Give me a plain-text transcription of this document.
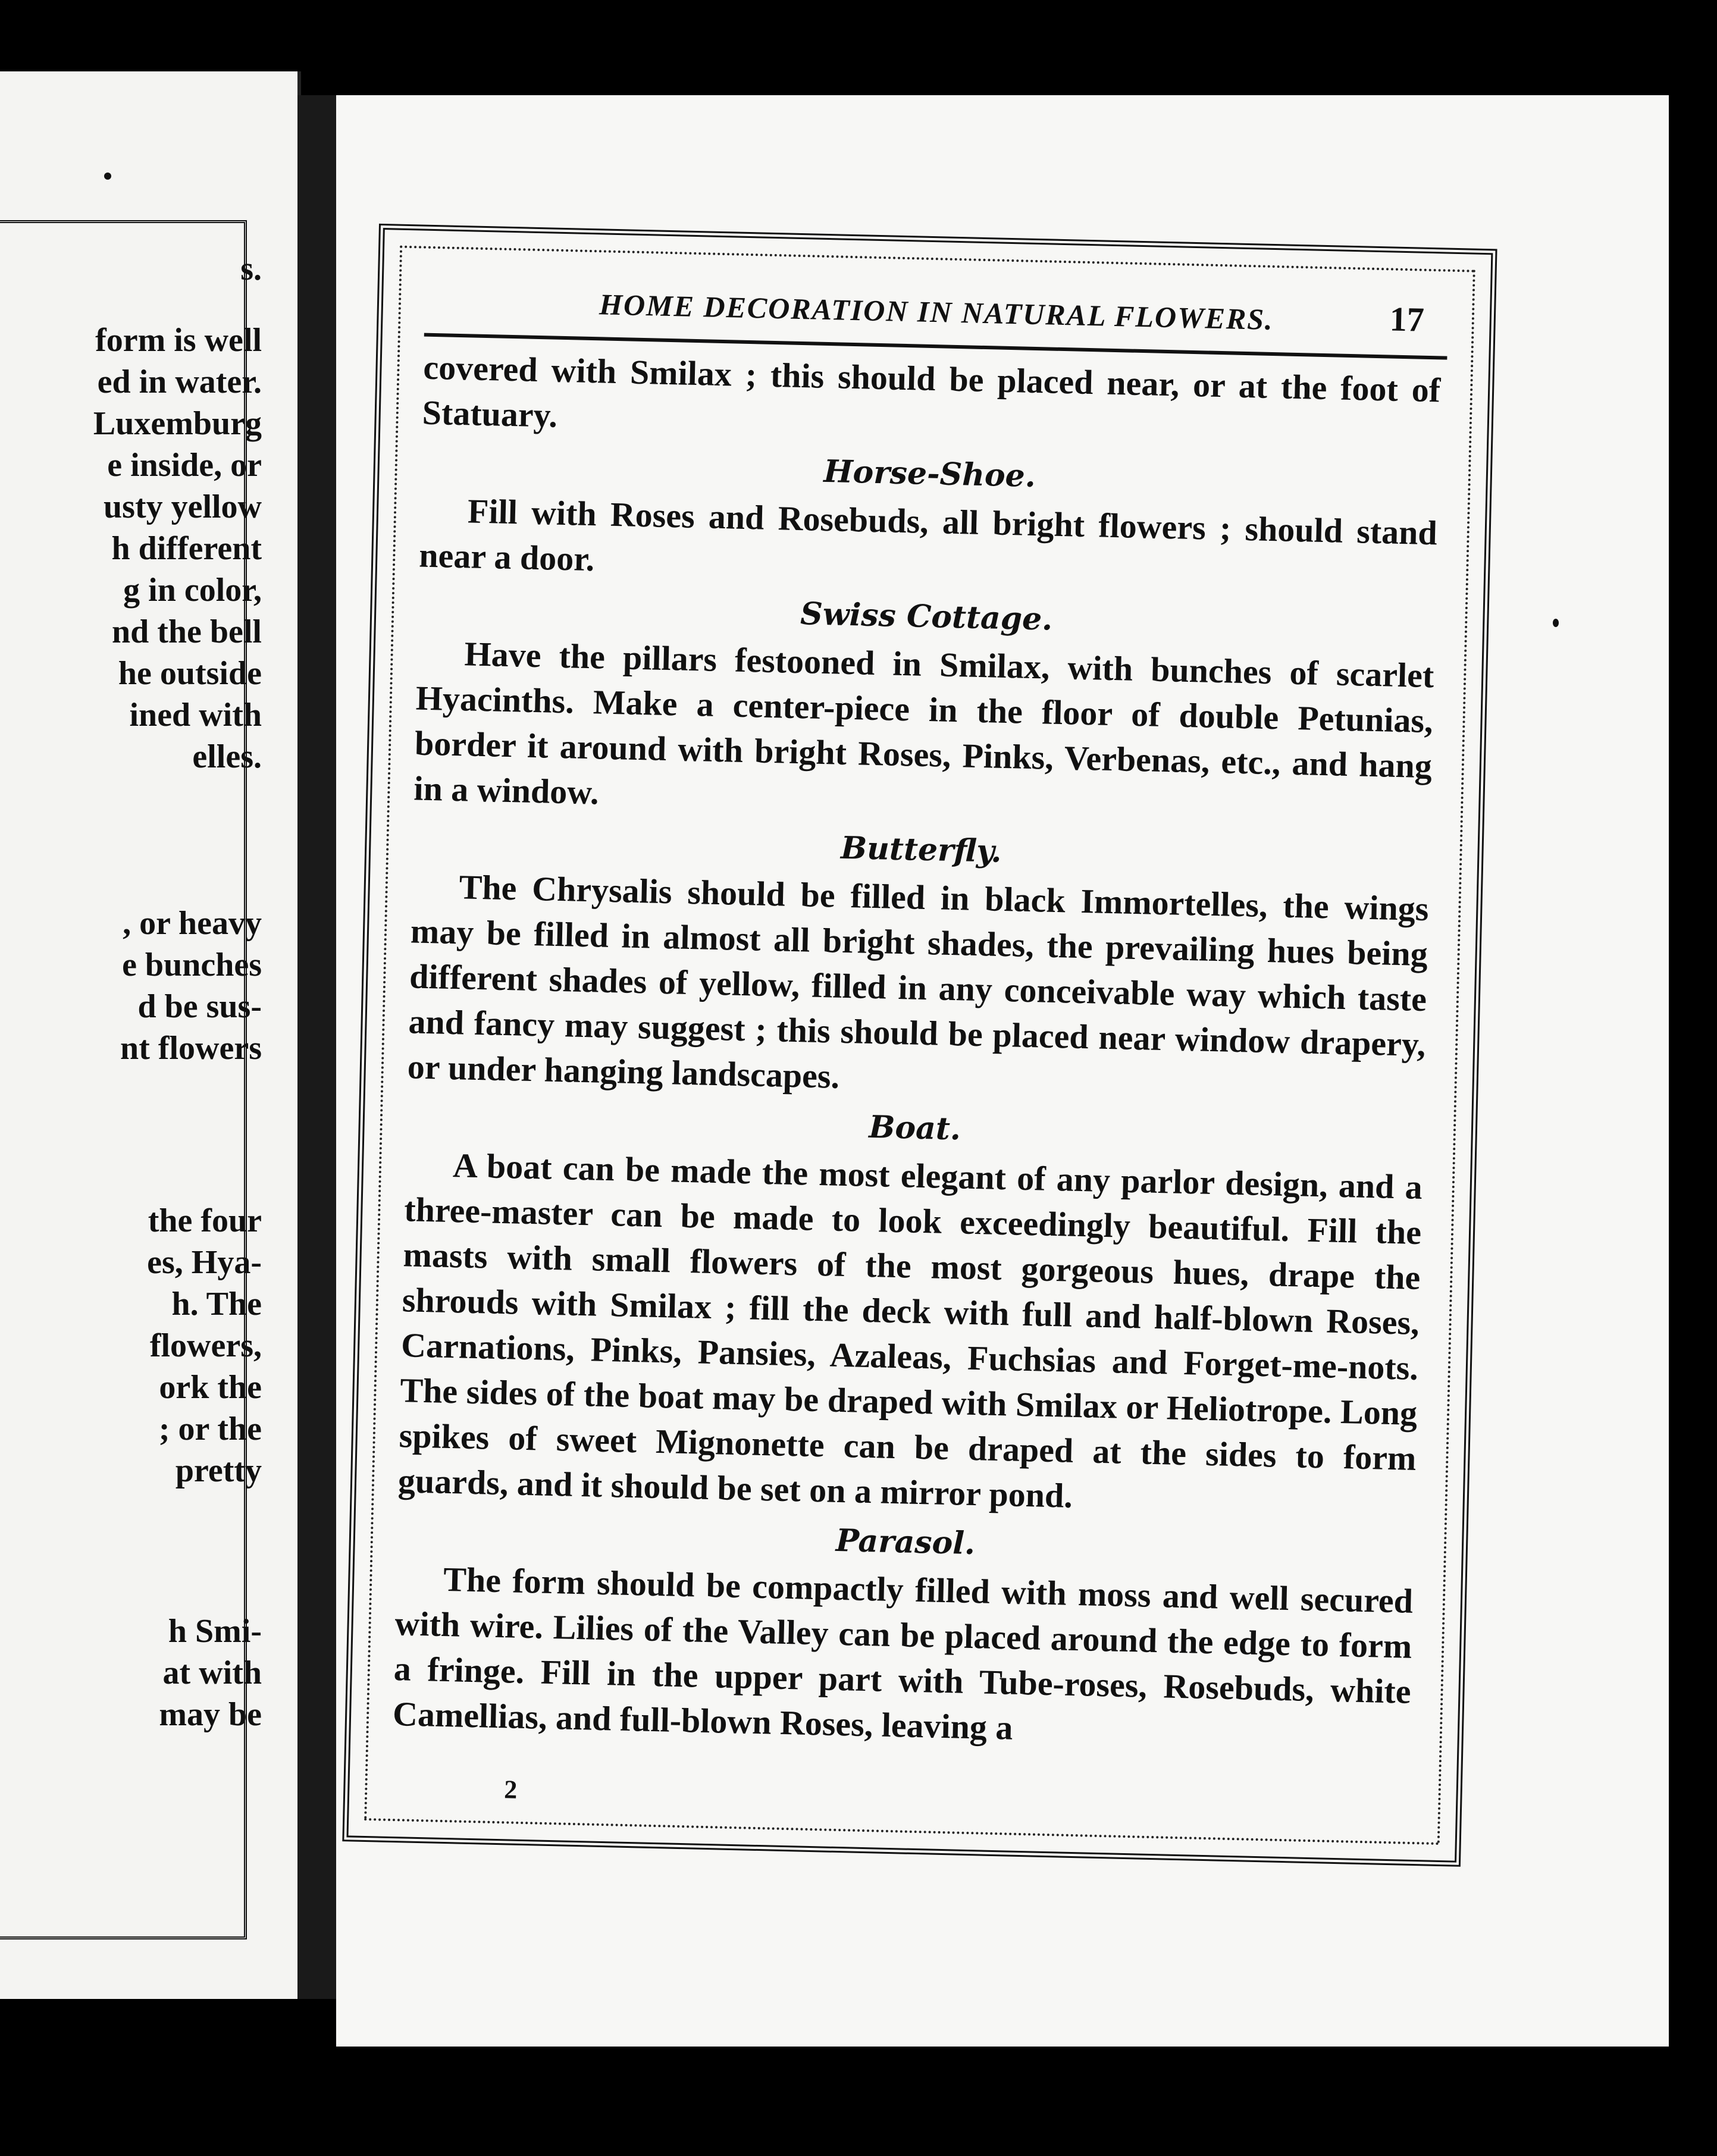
s.
form is well
ed in water.
Luxemburg
e inside, or
usty yellow
h different
g in color,
nd the bell
he outside
ined with
elles.
, or heavy
e bunches
d be sus-
nt flowers
the four
es, Hya-
h. The
flowers,
ork the
; or the
pretty
h Smi-
at with
may be
HOME DECORATION IN NATURAL FLOWERS.	17

covered with Smilax ; this should be placed near, or at the foot of Statuary.

Horse-Shoe.

Fill with Roses and Rosebuds, all bright flowers ; should stand near a door.

Swiss Cottage.

Have the pillars festooned in Smilax, with bunches of scarlet Hyacinths. Make a center-piece in the floor of double Petunias, border it around with bright Roses, Pinks, Verbenas, etc., and hang in a window.

Butterfly.

The Chrysalis should be filled in black Immortelles, the wings may be filled in almost all bright shades, the prevailing hues being different shades of yellow, filled in any conceivable way which taste and fancy may suggest ; this should be placed near window drapery, or under hanging landscapes.

Boat.

A boat can be made the most elegant of any parlor design, and a three-master can be made to look exceedingly beautiful. Fill the masts with small flowers of the most gorgeous hues, drape the shrouds with Smilax ; fill the deck with full and half-blown Roses, Carnations, Pinks, Pansies, Azaleas, Fuchsias and Forget-me-nots. The sides of the boat may be draped with Smilax or Heliotrope. Long spikes of sweet Mignonette can be draped at the sides to form guards, and it should be set on a mirror pond.

Parasol.

The form should be compactly filled with moss and well secured with wire. Lilies of the Valley can be placed around the edge to form a fringe. Fill in the upper part with Tube-roses, Rosebuds, white Camellias, and full-blown Roses, leaving a

2
